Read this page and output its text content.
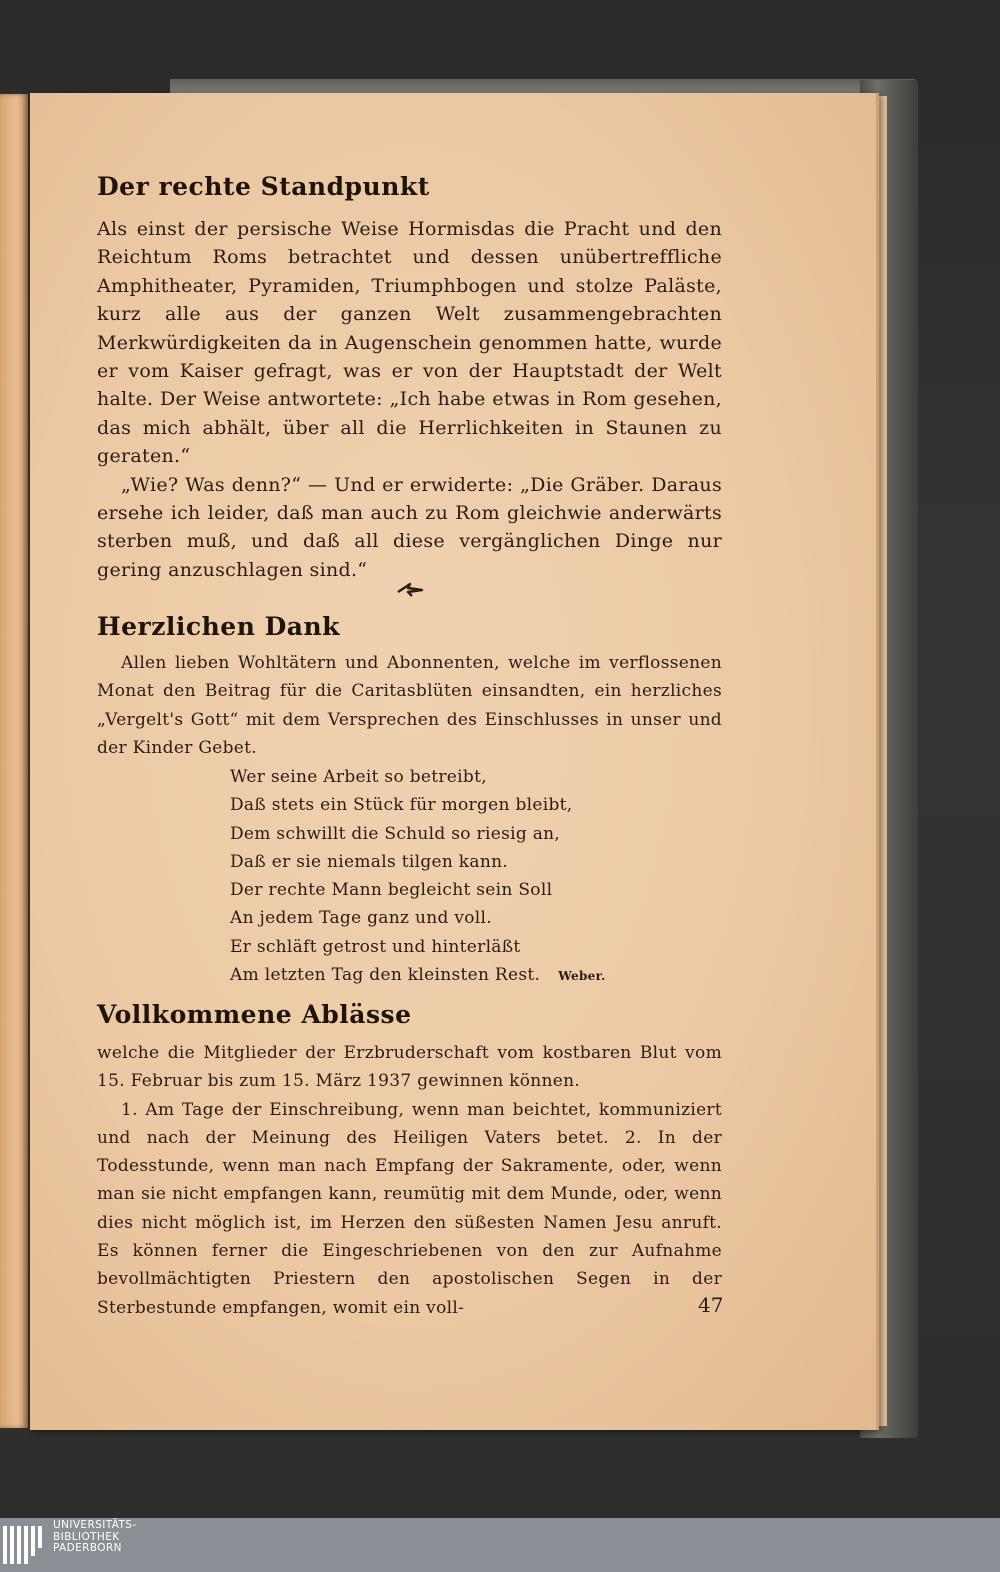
Der rechte Standpunkt

Als einst der persische Weise Hormisdas die Pracht und den Reichtum Roms betrachtet und dessen unübertreffliche Amphitheater, Pyramiden, Triumphbogen und stolze Paläste, kurz alle aus der ganzen Welt zusammengebrachten Merkwürdigkeiten da in Augenschein genommen hatte, wurde er vom Kaiser gefragt, was er von der Hauptstadt der Welt halte. Der Weise antwortete: „Ich habe etwas in Rom gesehen, das mich abhält, über all die Herrlichkeiten in Staunen zu geraten.“

„Wie? Was denn?“ — Und er erwiderte: „Die Gräber. Daraus ersehe ich leider, daß man auch zu Rom gleichwie anderwärts sterben muß, und daß all diese vergänglichen Dinge nur gering anzuschlagen sind.“

Herzlichen Dank

Allen lieben Wohltätern und Abonnenten, welche im verflossenen Monat den Beitrag für die Caritasblüten einsandten, ein herzliches „Vergelt's Gott“ mit dem Versprechen des Einschlusses in unser und der Kinder Gebet.

Wer seine Arbeit so betreibt,
Daß stets ein Stück für morgen bleibt,
Dem schwillt die Schuld so riesig an,
Daß er sie niemals tilgen kann.
Der rechte Mann begleicht sein Soll
An jedem Tage ganz und voll.
Er schläft getrost und hinterläßt
Am letzten Tag den kleinsten Rest. Weber.
Vollkommene Ablässe

welche die Mitglieder der Erzbruderschaft vom kostbaren Blut vom 15. Februar bis zum 15. März 1937 gewinnen können.

1. Am Tage der Einschreibung, wenn man beichtet, kommuniziert und nach der Meinung des Heiligen Vaters betet. 2. In der Todesstunde, wenn man nach Empfang der Sakramente, oder, wenn man sie nicht empfangen kann, reumütig mit dem Munde, oder, wenn dies nicht möglich ist, im Herzen den süßesten Namen Jesu anruft. Es können ferner die Eingeschriebenen von den zur Aufnahme bevollmächtigten Priestern den apostolischen Segen in der Sterbestunde empfangen, womit ein voll-	47
UNIVERSITÄTS-
BIBLIOTHEK
PADERBORN
